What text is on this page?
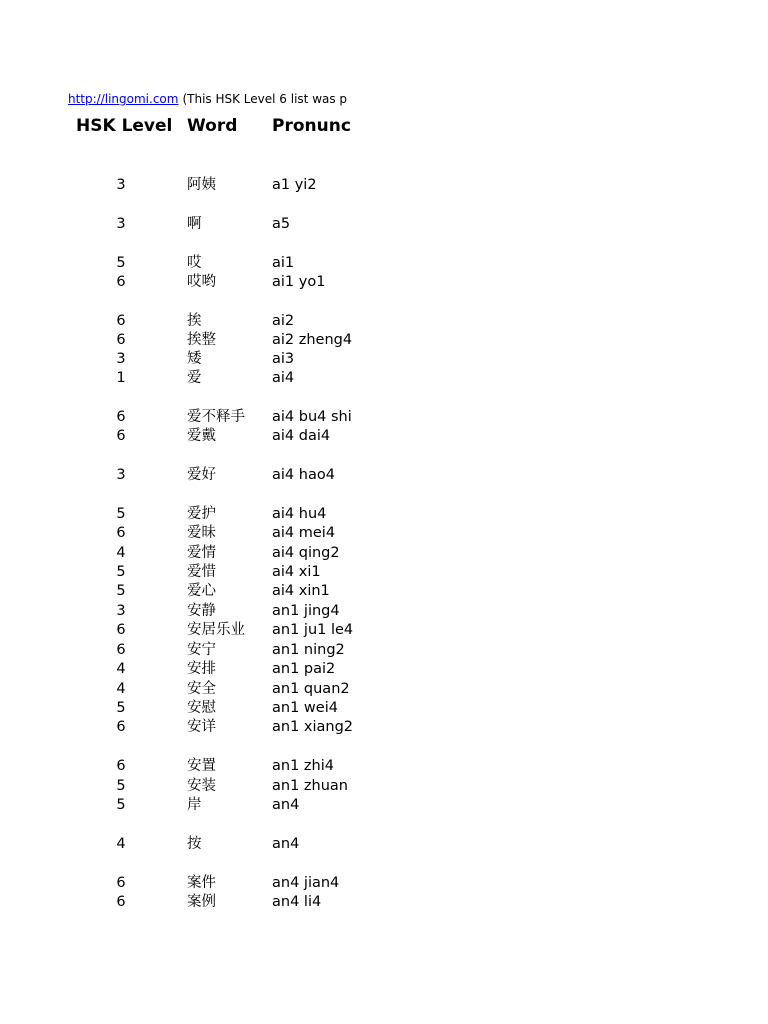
http://lingomi.com (This HSK Level 6 list was p
HSK Level Word Pronunc
3	阿姨	a1 yi2
3	啊	a5
5	哎	ai1
6	哎哟	ai1 yo1
6	挨	ai2
6	挨整	ai2 zheng4
3	矮	ai3
1	爱	ai4
6	爱不释手 ai4 bu4 shi
6	爱戴	ai4 dai4
3	爱好	ai4 hao4
5	爱护	ai4 hu4
6	爱昧	ai4 mei4
4	爱情	ai4 qing2
5	爱惜	ai4 xi1
5	爱心	ai4 xin1
3	安静	an1 jing4
6	安居乐业 an1 ju1 le4
6	安宁	an1 ning2
4	安排	an1 pai2
4	安全	an1 quan2
5	安慰	an1 wei4
6	安详	an1 xiang2
6	安置	an1 zhi4
5	安装	an1 zhuan
5	岸	an4
4	按	an4
6	案件	an4 jian4
6	案例	an4 li4
